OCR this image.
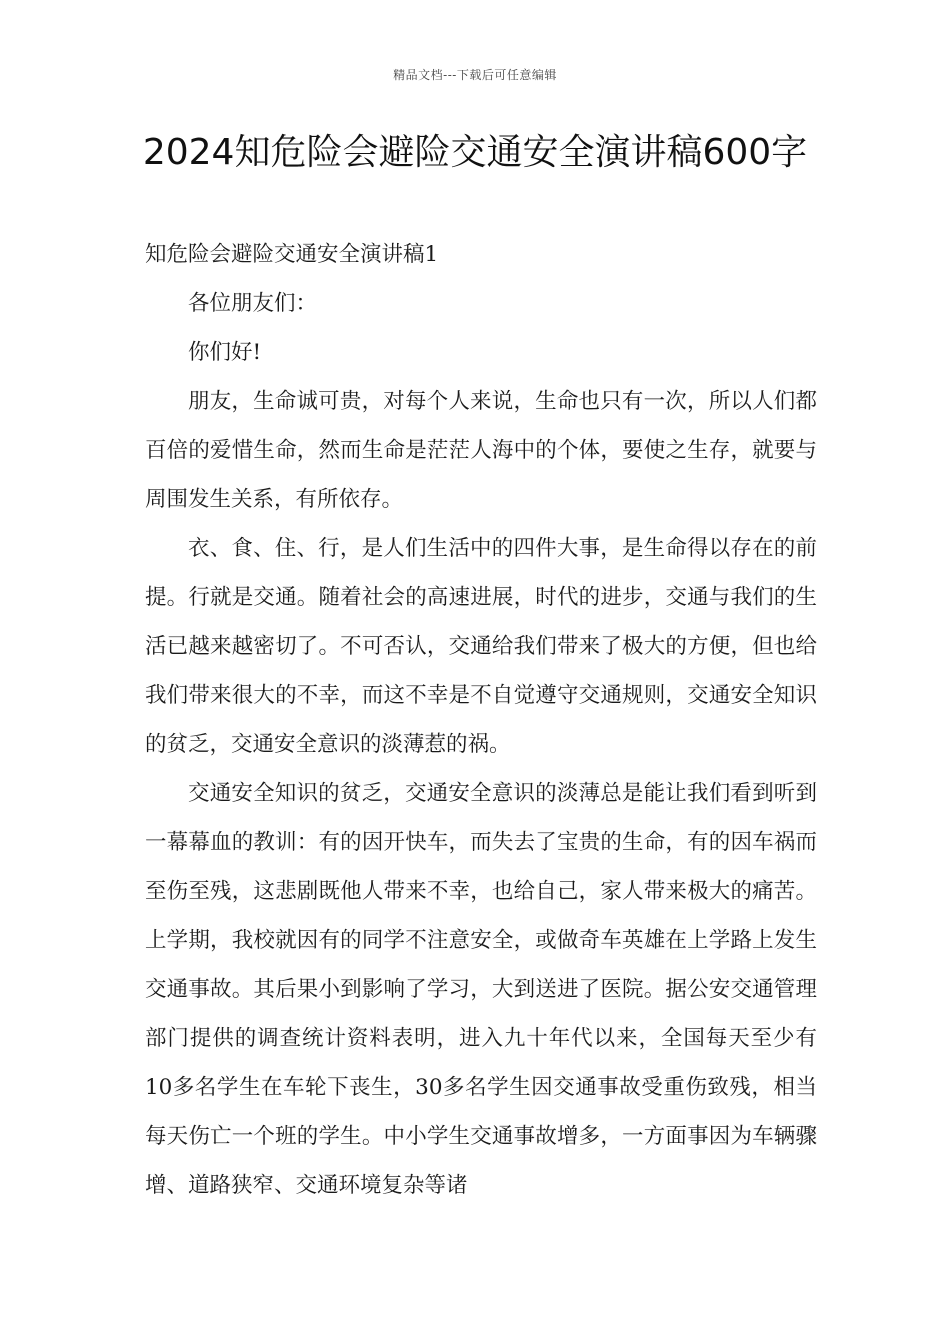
精品文档---下载后可任意编辑
2024知危险会避险交通安全演讲稿600字

知危险会避险交通安全演讲稿1

各位朋友们：

你们好!

朋友，生命诚可贵，对每个人来说，生命也只有一次，所以人们都百倍的爱惜生命，然而生命是茫茫人海中的个体，要使之生存，就要与周围发生关系，有所依存。

衣、食、住、行，是人们生活中的四件大事，是生命得以存在的前提。行就是交通。随着社会的高速进展，时代的进步，交通与我们的生活已越来越密切了。不可否认，交通给我们带来了极大的方便，但也给我们带来很大的不幸，而这不幸是不自觉遵守交通规则，交通安全知识的贫乏，交通安全意识的淡薄惹的祸。

交通安全知识的贫乏，交通安全意识的淡薄总是能让我们看到听到一幕幕血的教训：有的因开快车，而失去了宝贵的生命，有的因车祸而至伤至残，这悲剧既他人带来不幸，也给自己，家人带来极大的痛苦。上学期，我校就因有的同学不注意安全，或做奇车英雄在上学路上发生交通事故。其后果小到影响了学习，大到送进了医院。据公安交通管理部门提供的调查统计资料表明，进入九十年代以来，全国每天至少有10多名学生在车轮下丧生，30多名学生因交通事故受重伤致残，相当每天伤亡一个班的学生。中小学生交通事故增多，一方面事因为车辆骤增、道路狭窄、交通环境复杂等诸
